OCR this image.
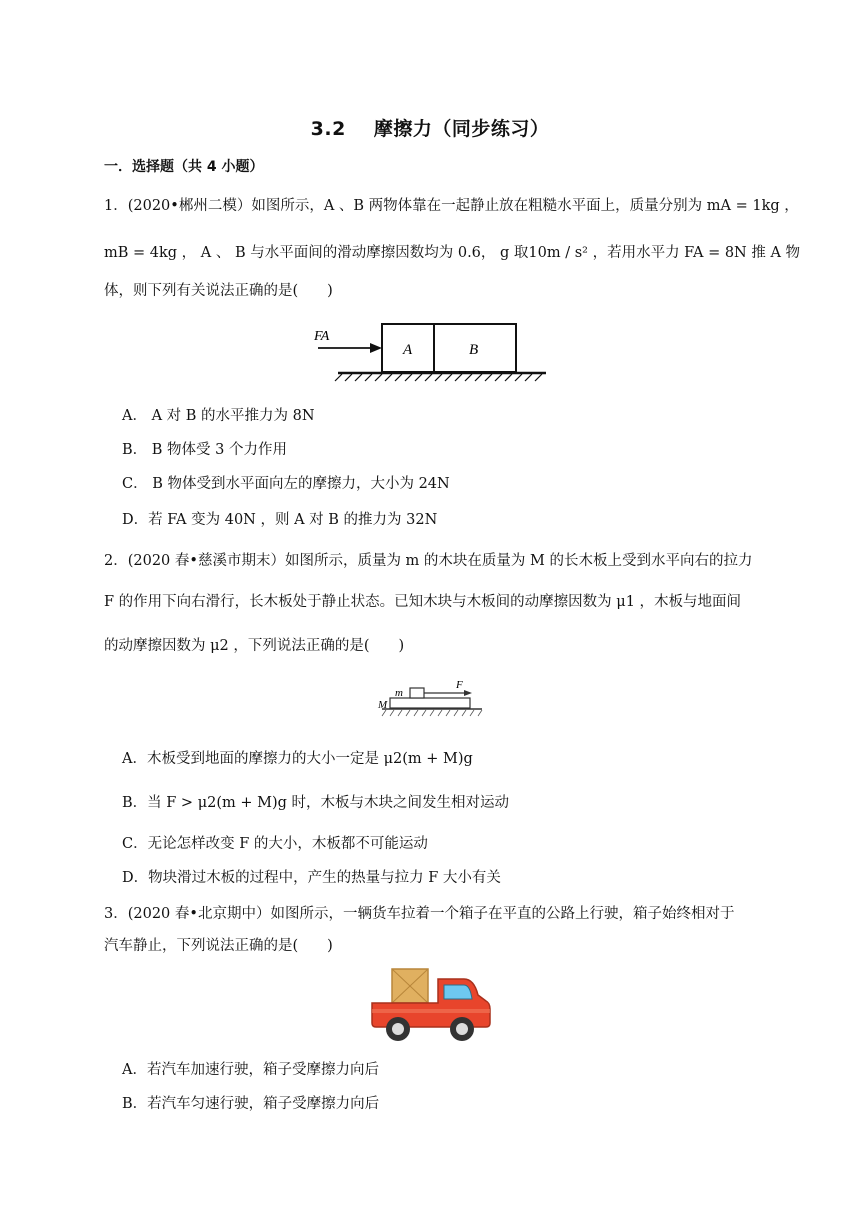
3.2 摩擦力（同步练习）
一．选择题（共 4 小题）
1．(2020•郴州二模）如图所示，A 、B 两物体靠在一起静止放在粗糙水平面上，质量分别为 mA = 1kg ，
mB = 4kg ， A 、 B 与水平面间的滑动摩擦因数均为 0.6， g 取10m / s² ，若用水平力 FA = 8N 推 A 物
体，则下列有关说法正确的是(　　)
FA
A	B
A． A 对 B 的水平推力为 8N
B． B 物体受 3 个力作用
C． B 物体受到水平面向左的摩擦力，大小为 24N
D．若 FA 变为 40N ，则 A 对 B 的推力为 32N
2．(2020 春•慈溪市期末）如图所示，质量为 m 的木块在质量为 M 的长木板上受到水平向右的拉力
F 的作用下向右滑行，长木板处于静止状态。已知木块与木板间的动摩擦因数为 μ1 ，木板与地面间
的动摩擦因数为 μ2 ，下列说法正确的是(　　)
m
M
F
A．木板受到地面的摩擦力的大小一定是 μ2(m + M)g
B．当 F > μ2(m + M)g 时，木板与木块之间发生相对运动
C．无论怎样改变 F 的大小，木板都不可能运动
D．物块滑过木板的过程中，产生的热量与拉力 F 大小有关
3．(2020 春•北京期中）如图所示，一辆货车拉着一个箱子在平直的公路上行驶，箱子始终相对于
汽车静止，下列说法正确的是(　　)
A．若汽车加速行驶，箱子受摩擦力向后
B．若汽车匀速行驶，箱子受摩擦力向后
